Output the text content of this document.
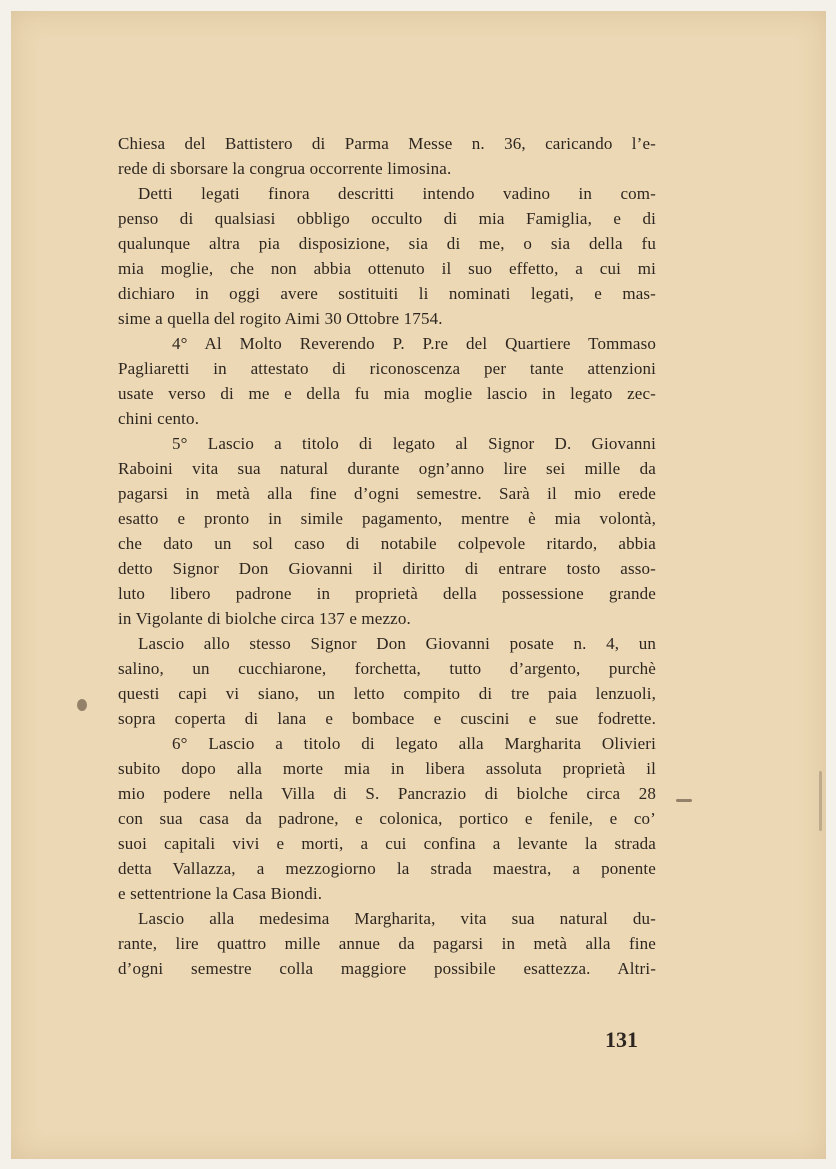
Chiesa del Battistero di Parma Messe n. 36, caricando l’e-
rede di sborsare la congrua occorrente limosina.
Detti legati finora descritti intendo vadino in com-
penso di qualsiasi obbligo occulto di mia Famiglia, e di
qualunque altra pia disposizione, sia di me, o sia della fu
mia moglie, che non abbia ottenuto il suo effetto, a cui mi
dichiaro in oggi avere sostituiti li nominati legati, e mas-
sime a quella del rogito Aimi 30 Ottobre 1754.
4° Al Molto Reverendo P. P.re del Quartiere Tommaso
Pagliaretti in attestato di riconoscenza per tante attenzioni
usate verso di me e della fu mia moglie lascio in legato zec-
chini cento.
5° Lascio a titolo di legato al Signor D. Giovanni
Raboini vita sua natural durante ogn’anno lire sei mille da
pagarsi in metà alla fine d’ogni semestre. Sarà il mio erede
esatto e pronto in simile pagamento, mentre è mia volontà,
che dato un sol caso di notabile colpevole ritardo, abbia
detto Signor Don Giovanni il diritto di entrare tosto asso-
luto libero padrone in proprietà della possessione grande
in Vigolante di biolche circa 137 e mezzo.
Lascio allo stesso Signor Don Giovanni posate n. 4, un
salino, un cucchiarone, forchetta, tutto d’argento, purchè
questi capi vi siano, un letto compito di tre paia lenzuoli,
sopra coperta di lana e bombace e cuscini e sue fodrette.
6° Lascio a titolo di legato alla Margharita Olivieri
subito dopo alla morte mia in libera assoluta proprietà il
mio podere nella Villa di S. Pancrazio di biolche circa 28
con sua casa da padrone, e colonica, portico e fenile, e co’
suoi capitali vivi e morti, a cui confina a levante la strada
detta Vallazza, a mezzogiorno la strada maestra, a ponente
e settentrione la Casa Biondi.
Lascio alla medesima Margharita, vita sua natural du-
rante, lire quattro mille annue da pagarsi in metà alla fine
d’ogni semestre colla maggiore possibile esattezza. Altri-
131
